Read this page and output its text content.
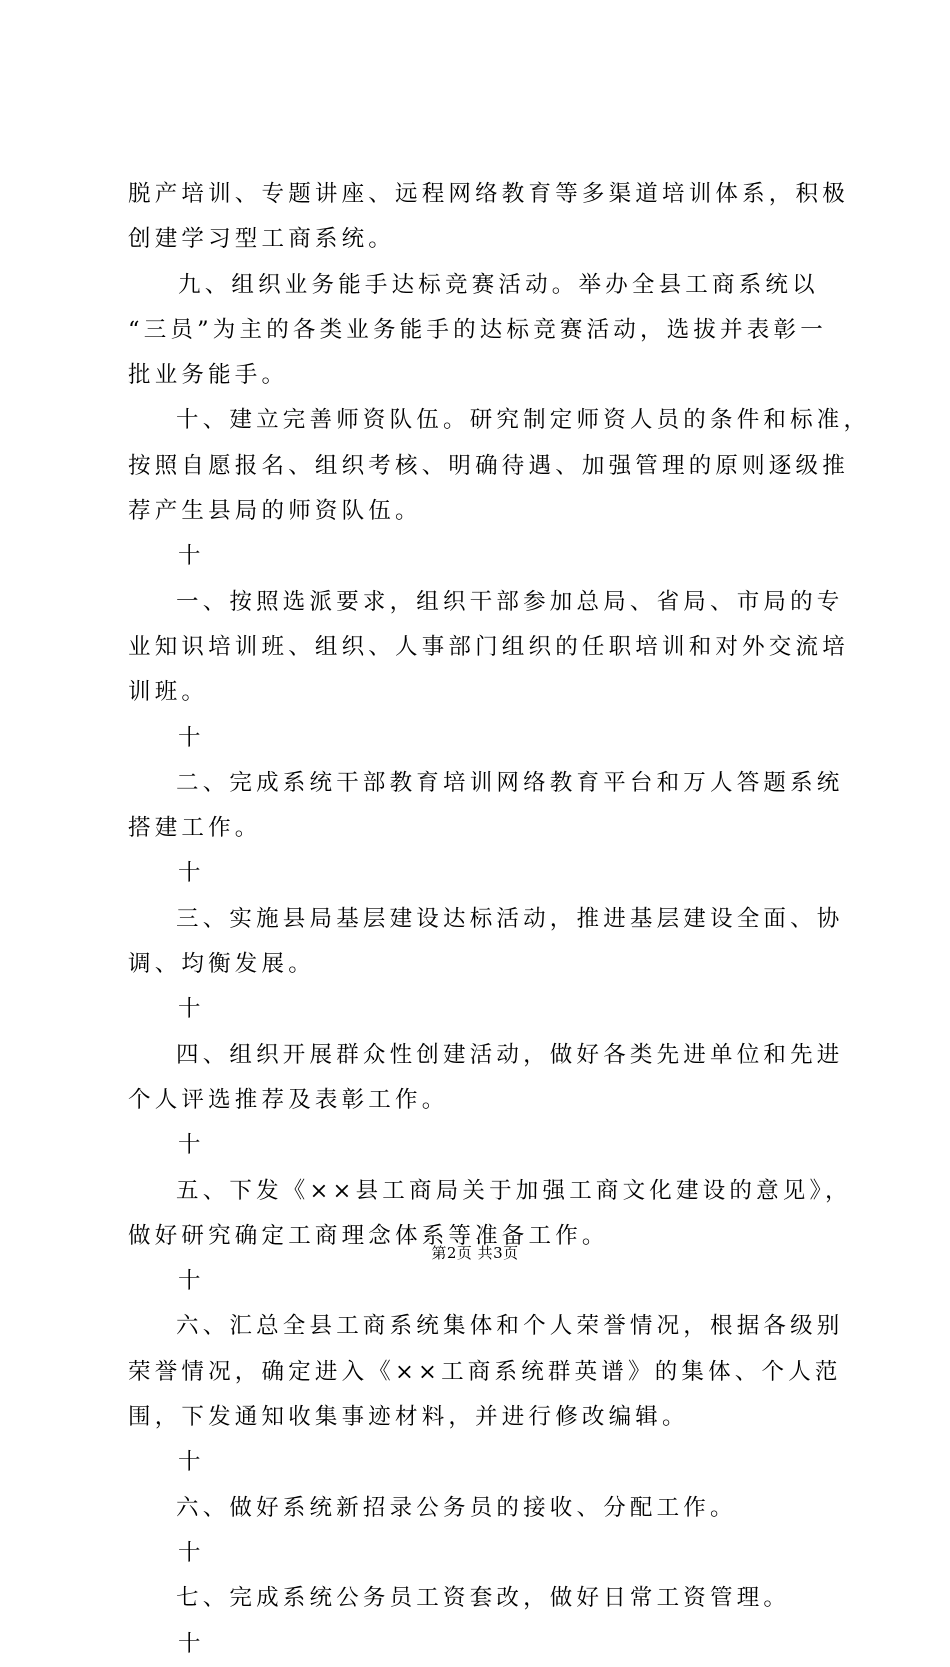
脱产培训、专题讲座、远程网络教育等多渠道培训体系，积极
创建学习型工商系统。
九、组织业务能手达标竞赛活动。举办全县工商系统以
“三员”为主的各类业务能手的达标竞赛活动，选拔并表彰一
批业务能手。
十、建立完善师资队伍。研究制定师资人员的条件和标准，
按照自愿报名、组织考核、明确待遇、加强管理的原则逐级推
荐产生县局的师资队伍。
十
一、按照选派要求，组织干部参加总局、省局、市局的专
业知识培训班、组织、人事部门组织的任职培训和对外交流培
训班。
十
二、完成系统干部教育培训网络教育平台和万人答题系统
搭建工作。
十
三、实施县局基层建设达标活动，推进基层建设全面、协
调、均衡发展。
十
四、组织开展群众性创建活动，做好各类先进单位和先进
个人评选推荐及表彰工作。
十
五、下发《××县工商局关于加强工商文化建设的意见》，
做好研究确定工商理念体系等准备工作。
十
六、汇总全县工商系统集体和个人荣誉情况，根据各级别
荣誉情况，确定进入《××工商系统群英谱》的集体、个人范
围，下发通知收集事迹材料，并进行修改编辑。
十
六、做好系统新招录公务员的接收、分配工作。
十
七、完成系统公务员工资套改，做好日常工资管理。
十
第2页 共3页
